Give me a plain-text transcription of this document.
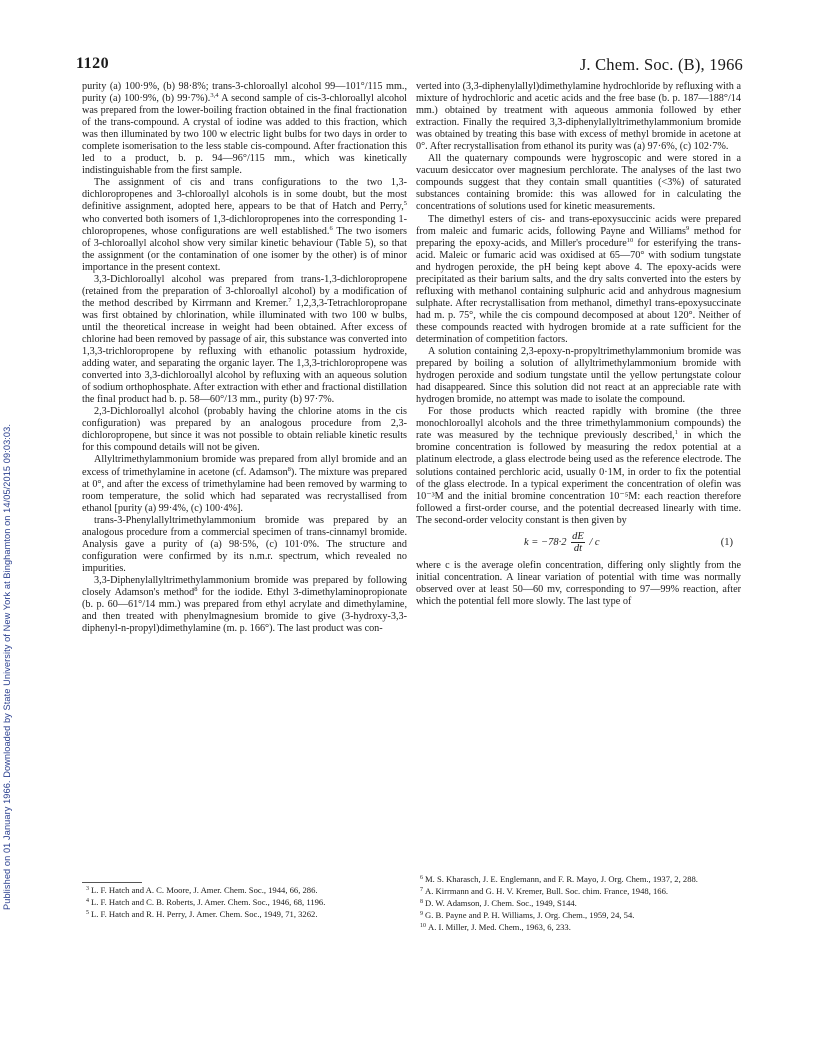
Published on 01 January 1966. Downloaded by State University of New York at Binghamton on 14/05/2015 09:03:03.
1120	J. Chem. Soc. (B), 1966

purity (a) 100·9%, (b) 98·8%; trans-3-chloroallyl alcohol 99—101°/115 mm., purity (a) 100·9%, (b) 99·7%).$^{3,4}$ A second sample of cis-3-chloroallyl alcohol was prepared from the lower-boiling fraction obtained in the final fractionation of the trans-compound. A crystal of iodine was added to this fraction, which was then illuminated by two 100 w electric light bulbs for two days in order to complete isomerisation to the less stable cis-compound. After fractionation this led to a product, b. p. 94—96°/115 mm., which was kinetically indistinguishable from the first sample.

The assignment of cis and trans configurations to the two 1,3-dichloropropenes and 3-chloroallyl alcohols is in some doubt, but the most definitive assignment, adopted here, appears to be that of Hatch and Perry,$^5$ who converted both isomers of 1,3-dichloropropenes into the corresponding 1-chloropropenes, whose configurations are well established.$^6$ The two isomers of 3-chloroallyl alcohol show very similar kinetic behaviour (Table 5), so that the assignment (or the contamination of one isomer by the other) is of minor importance in the present context.

3,3-Dichloroallyl alcohol was prepared from trans-1,3-dichloropropene (retained from the preparation of 3-chloroallyl alcohol) by a modification of the method described by Kirrmann and Kremer.$^7$ 1,2,3,3-Tetrachloropropane was first obtained by chlorination, while illuminated with two 100 w bulbs, until the theoretical increase in weight had been obtained. After excess of chlorine had been removed by passage of air, this substance was converted into 1,3,3-trichloropropene by refluxing with ethanolic potassium hydroxide, adding water, and separating the organic layer. The 1,3,3-trichloropropene was converted into 3,3-dichloroallyl alcohol by refluxing with an aqueous solution of sodium orthophosphate. After extraction with ether and fractional distillation the final product had b. p. 58—60°/13 mm., purity (b) 97·7%.

2,3-Dichloroallyl alcohol (probably having the chlorine atoms in the cis configuration) was prepared by an analogous procedure from 2,3-dichloropropene, but since it was not possible to obtain reliable kinetic results for this compound details will not be given.

Allyltrimethylammonium bromide was prepared from allyl bromide and an excess of trimethylamine in acetone (cf. Adamson$^8$). The mixture was prepared at 0°, and after the excess of trimethylamine had been removed by warming to room temperature, the solid which had separated was recrystallised from ethanol [purity (a) 99·4%, (c) 100·4%].

trans-3-Phenylallyltrimethylammonium bromide was prepared by an analogous procedure from a commercial specimen of trans-cinnamyl bromide. Analysis gave a purity of (a) 98·5%, (c) 101·0%. The structure and configuration were confirmed by its n.m.r. spectrum, which revealed no impurities.

3,3-Diphenylallyltrimethylammonium bromide was prepared by following closely Adamson's method$^8$ for the iodide. Ethyl 3-dimethylaminopropionate (b. p. 60—61°/14 mm.) was prepared from ethyl acrylate and dimethylamine, and then treated with phenylmagnesium bromide to give (3-hydroxy-3,3-diphenyl-n-propyl)dimethylamine (m. p. 166°). The last product was con-

verted into (3,3-diphenylallyl)dimethylamine hydrochloride by refluxing with a mixture of hydrochloric and acetic acids and the free base (b. p. 187—188°/14 mm.) obtained by treatment with aqueous ammonia followed by ether extraction. Finally the required 3,3-diphenylallyltrimethylammonium bromide was obtained by treating this base with excess of methyl bromide in acetone at 0°. After recrystallisation from ethanol its purity was (a) 97·6%, (c) 102·7%.

All the quaternary compounds were hygroscopic and were stored in a vacuum desiccator over magnesium perchlorate. The analyses of the last two compounds suggest that they contain small quantities (<3%) of saturated substances containing bromide: this was allowed for in calculating the concentrations of solutions used for kinetic measurements.

The dimethyl esters of cis- and trans-epoxysuccinic acids were prepared from maleic and fumaric acids, following Payne and Williams$^9$ method for preparing the epoxy-acids, and Miller's procedure$^{10}$ for esterifying the trans-acid. Maleic or fumaric acid was oxidised at 65—70° with sodium tungstate and hydrogen peroxide, the pH being kept above 4. The epoxy-acids were precipitated as their barium salts, and the dry salts converted into the esters by refluxing with methanol containing sulphuric acid and anhydrous magnesium sulphate. After recrystallisation from methanol, dimethyl trans-epoxysuccinate had m. p. 75°, while the cis compound decomposed at about 120°. Neither of these compounds reacted with hydrogen bromide at a rate sufficient for the determination of competition factors.

A solution containing 2,3-epoxy-n-propyltrimethylammonium bromide was prepared by boiling a solution of allyltrimethylammonium bromide with hydrogen peroxide and sodium tungstate until the yellow pertungstate colour had disappeared. Since this solution did not react at an appreciable rate with hydrogen bromide, no attempt was made to isolate the compound.

For those products which reacted rapidly with bromine (the three monochloroallyl alcohols and the three trimethylammonium compounds) the rate was measured by the technique previously described,$^1$ in which the bromine concentration is followed by measuring the redox potential at a platinum electrode, a glass electrode being used as the reference electrode. The solutions contained perchloric acid, usually 0·1M, in order to fix the potential of the glass electrode. In a typical experiment the concentration of olefin was 10⁻³M and the initial bromine concentration 10⁻⁵M: each reaction therefore followed a first-order course, and the potential decreased linearly with time. The second-order velocity constant is then given by

$k = -78\cdot 2 \frac{dE}{dt} / c$	(1)

where c is the average olefin concentration, differing only slightly from the initial concentration. A linear variation of potential with time was normally observed over at least 50—60 mv, corresponding to 97—99% reaction, after which the potential fell more slowly. The last type of

$^3$ L. F. Hatch and A. C. Moore, J. Amer. Chem. Soc., 1944, 66, 286.
$^4$ L. F. Hatch and C. B. Roberts, J. Amer. Chem. Soc., 1946, 68, 1196.
$^5$ L. F. Hatch and R. H. Perry, J. Amer. Chem. Soc., 1949, 71, 3262.
$^6$ M. S. Kharasch, J. E. Englemann, and F. R. Mayo, J. Org. Chem., 1937, 2, 288.
$^7$ A. Kirrmann and G. H. V. Kremer, Bull. Soc. chim. France, 1948, 166.
$^8$ D. W. Adamson, J. Chem. Soc., 1949, S144.
$^9$ G. B. Payne and P. H. Williams, J. Org. Chem., 1959, 24, 54.
$^{10}$ A. I. Miller, J. Med. Chem., 1963, 6, 233.
